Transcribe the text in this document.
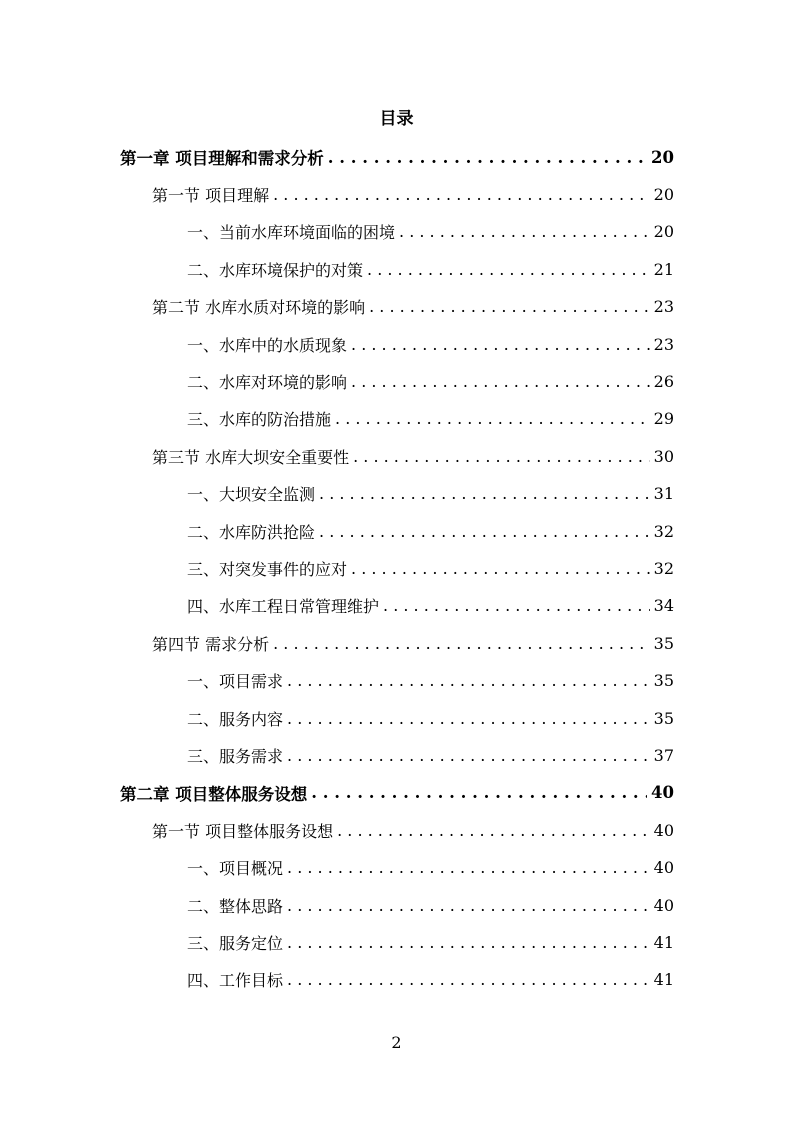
目录
第一章 项目理解和需求分析 . . .	20
第一节 项目理解 . . .	20
一、当前水库环境面临的困境 . . .	20
二、水库环境保护的对策 . . .	21
第二节 水库水质对环境的影响 . . .	23
一、水库中的水质现象 . . .	23
二、水库对环境的影响 . . .	26
三、水库的防治措施 . . .	29
第三节 水库大坝安全重要性 . . .	30
一、大坝安全监测 . . .	31
二、水库防洪抢险 . . .	32
三、对突发事件的应对 . . .	32
四、水库工程日常管理维护 . . .	34
第四节 需求分析 . . .	35
一、项目需求 . . .	35
二、服务内容 . . .	35
三、服务需求 . . .	37
第二章 项目整体服务设想 . . .	40
第一节 项目整体服务设想 . . .	40
一、项目概况 . . .	40
二、整体思路 . . .	40
三、服务定位 . . .	41
四、工作目标 . . .	41
2
